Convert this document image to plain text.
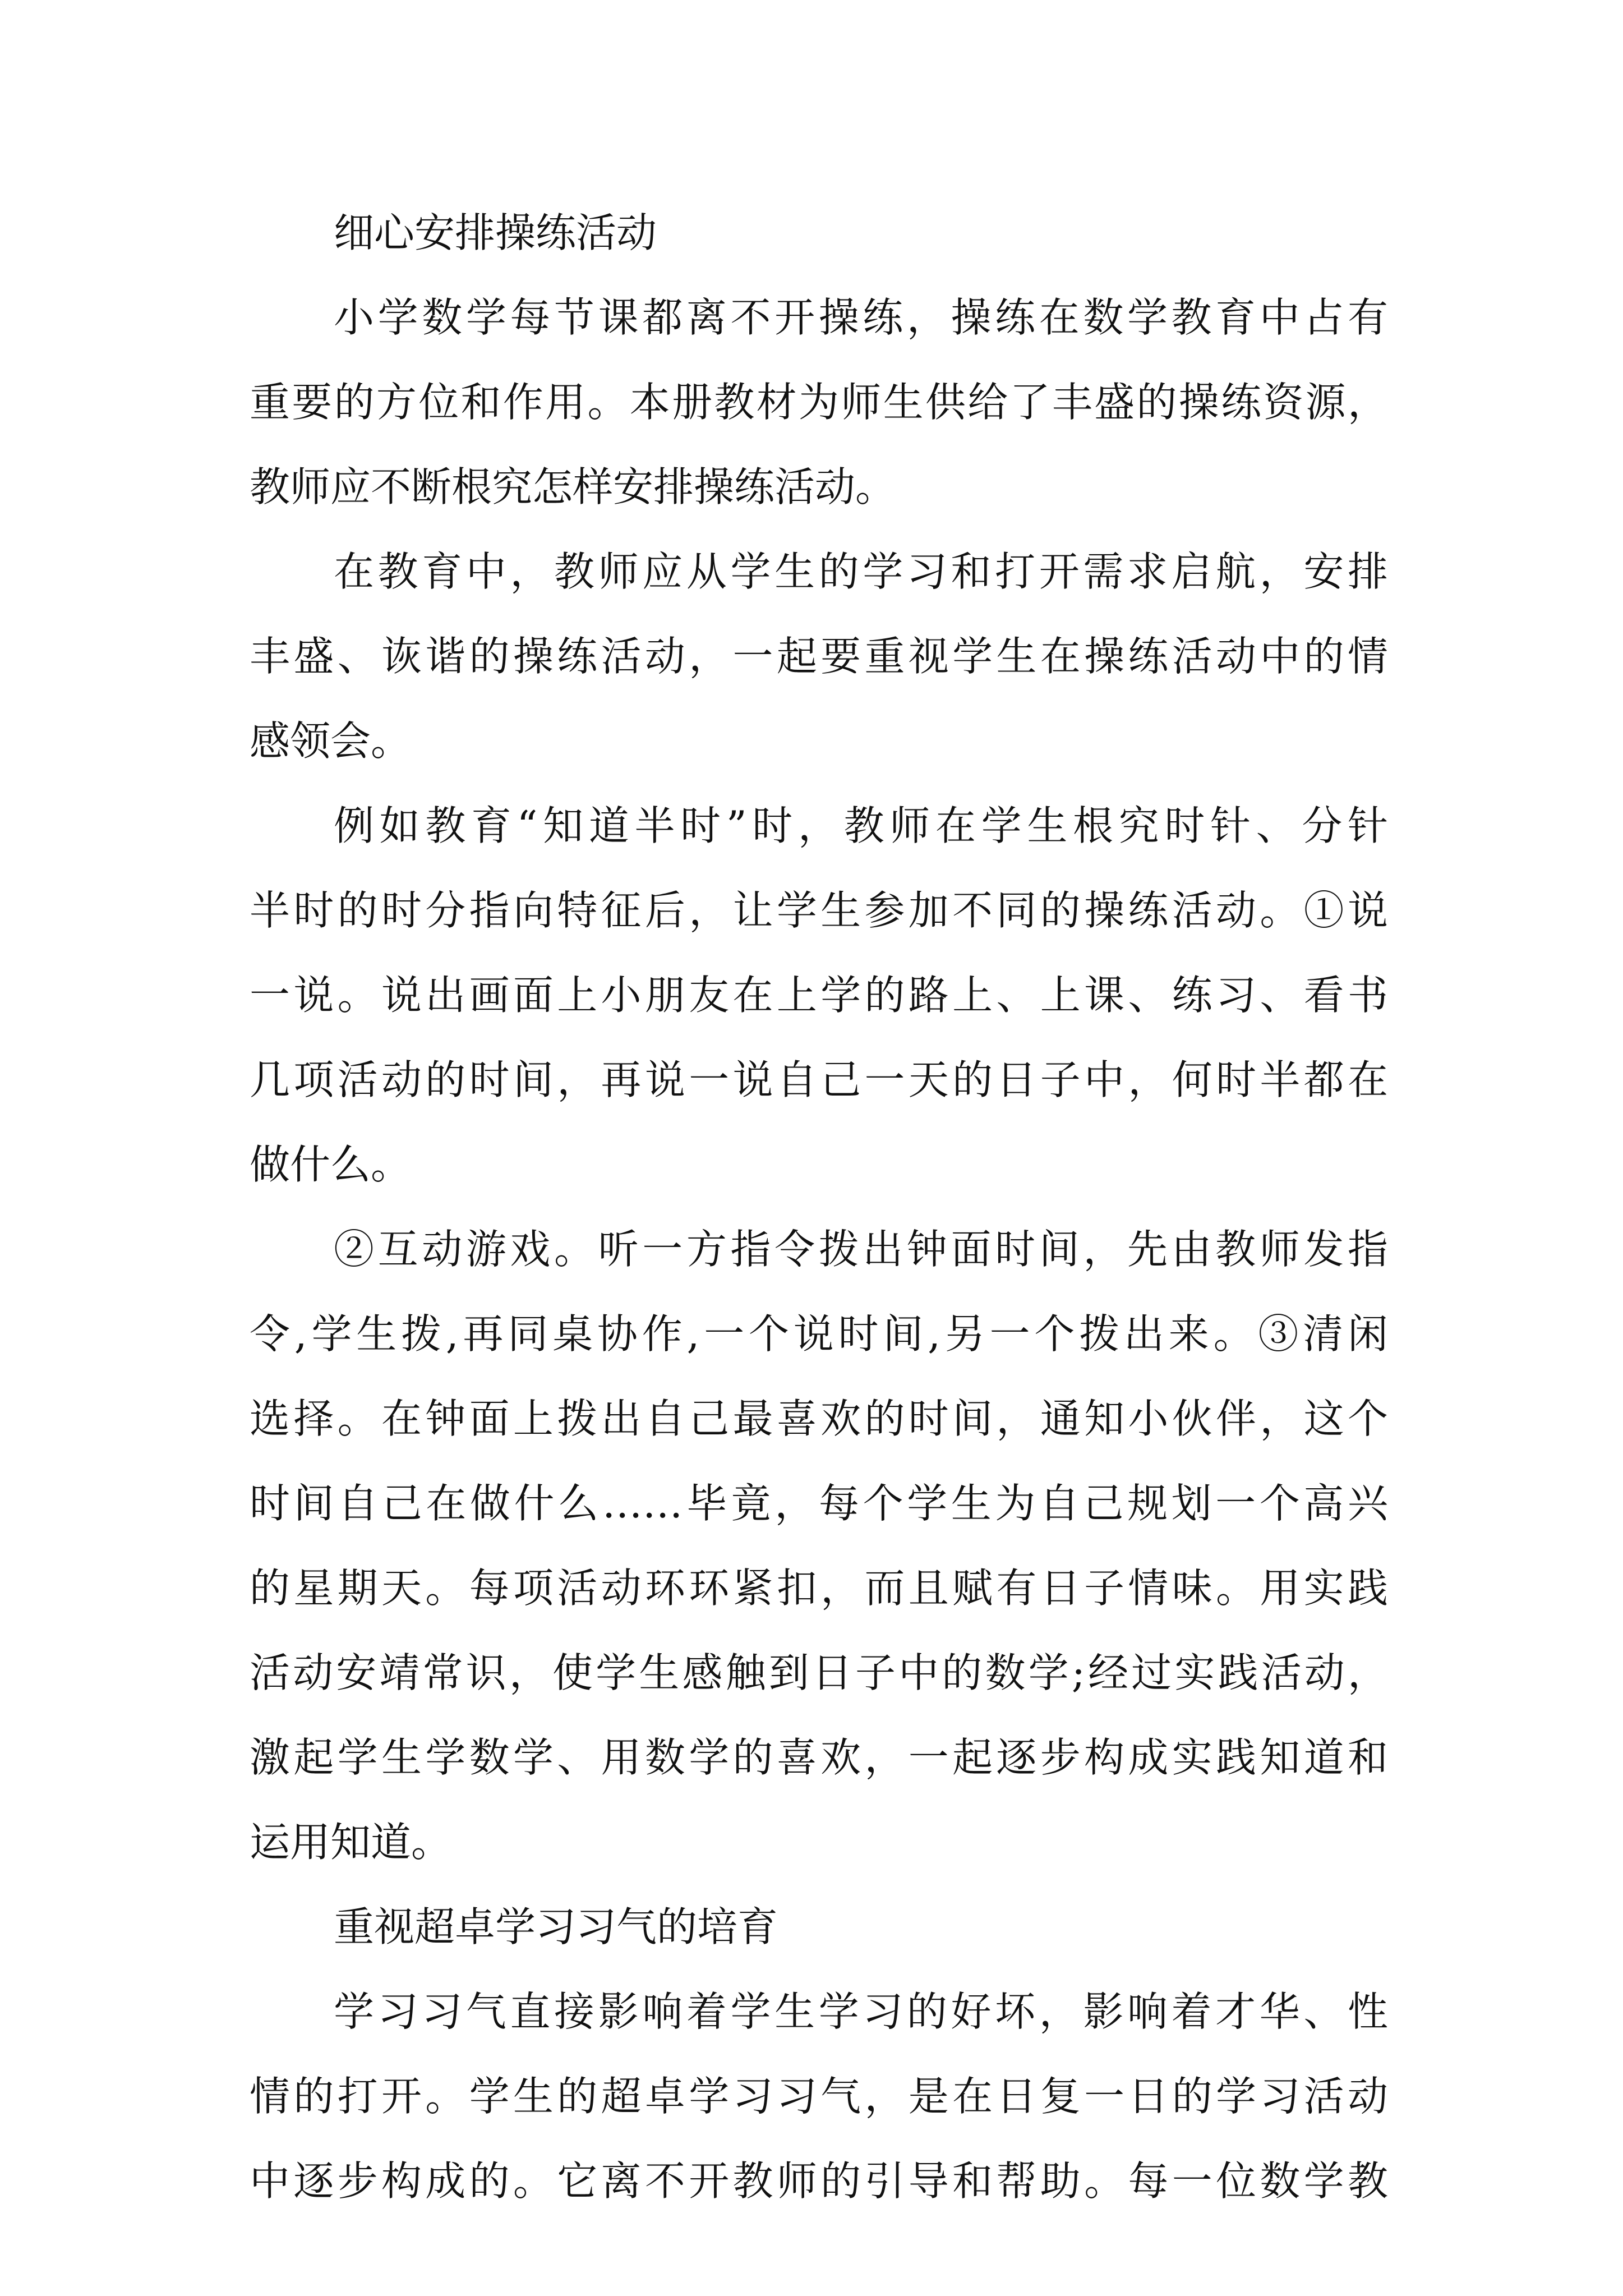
细心安排操练活动
小学数学每节课都离不开操练，操练在数学教育中占有
重要的方位和作用。本册教材为师生供给了丰盛的操练资源，
教师应不断根究怎样安排操练活动。
在教育中，教师应从学生的学习和打开需求启航，安排
丰盛、诙谐的操练活动，一起要重视学生在操练活动中的情
感领会。
例如教育“知道半时”时，教师在学生根究时针、分针
半时的时分指向特征后，让学生参加不同的操练活动。①说
一说。说出画面上小朋友在上学的路上、上课、练习、看书
几项活动的时间，再说一说自己一天的日子中，何时半都在
做什么。
②互动游戏。听一方指令拨出钟面时间，先由教师发指
令,学生拨,再同桌协作,一个说时间,另一个拨出来。③清闲
选择。在钟面上拨出自己最喜欢的时间，通知小伙伴，这个
时间自己在做什么……毕竟，每个学生为自己规划一个高兴
的星期天。每项活动环环紧扣，而且赋有日子情味。用实践
活动安靖常识，使学生感触到日子中的数学;经过实践活动，
激起学生学数学、用数学的喜欢，一起逐步构成实践知道和
运用知道。
重视超卓学习习气的培育
学习习气直接影响着学生学习的好坏，影响着才华、性
情的打开。学生的超卓学习习气，是在日复一日的学习活动
中逐步构成的。它离不开教师的引导和帮助。每一位数学教
